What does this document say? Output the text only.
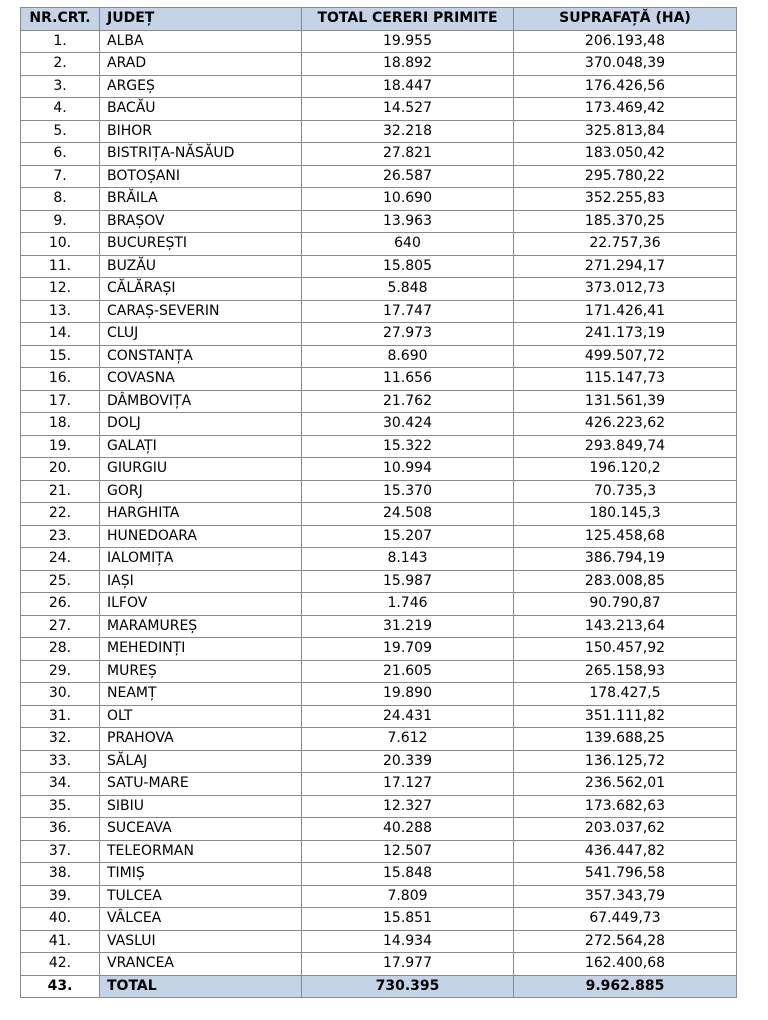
NR.CRT.	JUDEȚ	TOTAL CERERI PRIMITE	SUPRAFAȚĂ (HA)
1.	ALBA	19.955	206.193,48
2.	ARAD	18.892	370.048,39
3.	ARGEȘ	18.447	176.426,56
4.	BACĂU	14.527	173.469,42
5.	BIHOR	32.218	325.813,84
6.	BISTRIȚA-NĂSĂUD	27.821	183.050,42
7.	BOTOȘANI	26.587	295.780,22
8.	BRĂILA	10.690	352.255,83
9.	BRAȘOV	13.963	185.370,25
10.	BUCUREȘTI	640	22.757,36
11.	BUZĂU	15.805	271.294,17
12.	CĂLĂRAȘI	5.848	373.012,73
13.	CARAȘ-SEVERIN	17.747	171.426,41
14.	CLUJ	27.973	241.173,19
15.	CONSTANȚA	8.690	499.507,72
16.	COVASNA	11.656	115.147,73
17.	DÂMBOVIȚA	21.762	131.561,39
18.	DOLJ	30.424	426.223,62
19.	GALAȚI	15.322	293.849,74
20.	GIURGIU	10.994	196.120,2
21.	GORJ	15.370	70.735,3
22.	HARGHITA	24.508	180.145,3
23.	HUNEDOARA	15.207	125.458,68
24.	IALOMIȚA	8.143	386.794,19
25.	IAȘI	15.987	283.008,85
26.	ILFOV	1.746	90.790,87
27.	MARAMUREȘ	31.219	143.213,64
28.	MEHEDINȚI	19.709	150.457,92
29.	MUREȘ	21.605	265.158,93
30.	NEAMȚ	19.890	178.427,5
31.	OLT	24.431	351.111,82
32.	PRAHOVA	7.612	139.688,25
33.	SĂLAJ	20.339	136.125,72
34.	SATU-MARE	17.127	236.562,01
35.	SIBIU	12.327	173.682,63
36.	SUCEAVA	40.288	203.037,62
37.	TELEORMAN	12.507	436.447,82
38.	TIMIȘ	15.848	541.796,58
39.	TULCEA	7.809	357.343,79
40.	VÂLCEA	15.851	67.449,73
41.	VASLUI	14.934	272.564,28
42.	VRANCEA	17.977	162.400,68
43.	TOTAL	730.395	9.962.885
